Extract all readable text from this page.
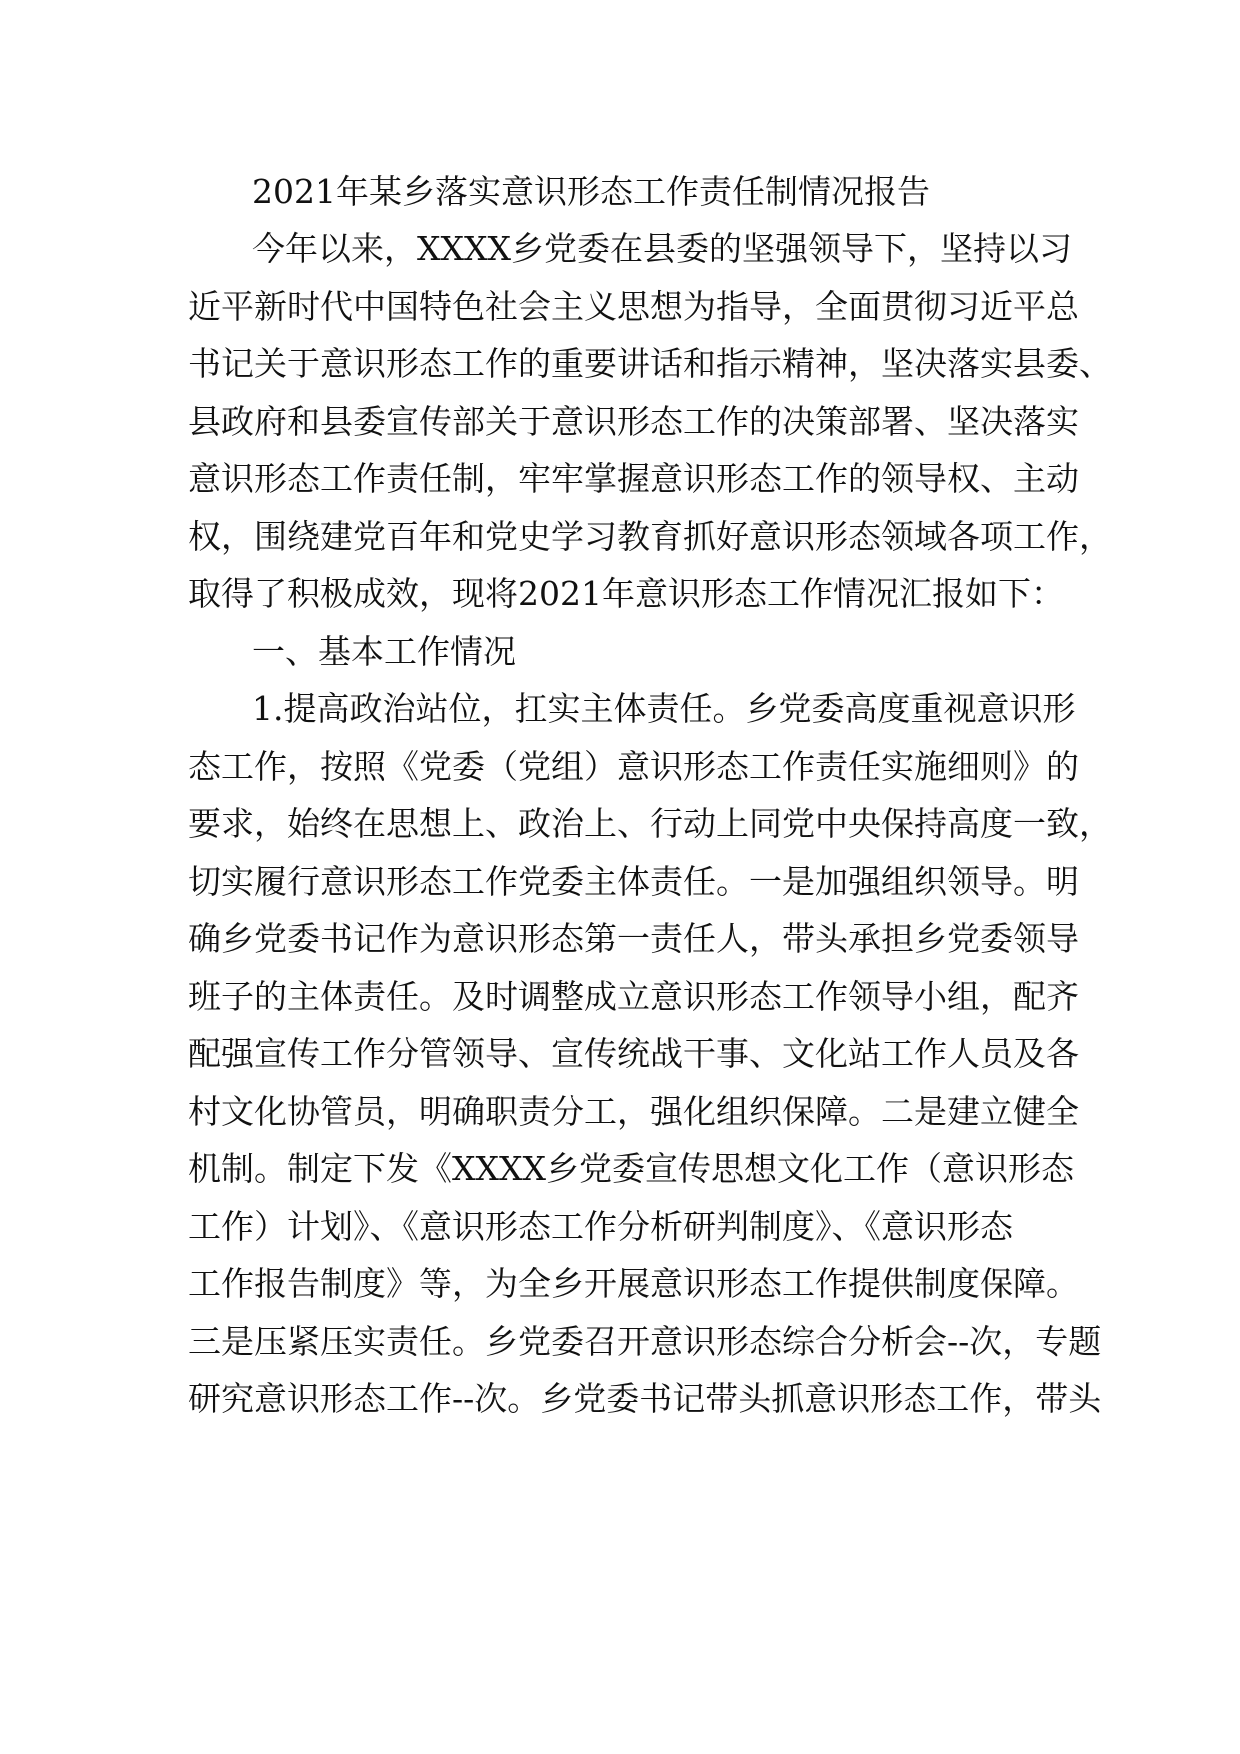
2021年某乡落实意识形态工作责任制情况报告
今年以来，XXXX乡党委在县委的坚强领导下，坚持以习
近平新时代中国特色社会主义思想为指导，全面贯彻习近平总
书记关于意识形态工作的重要讲话和指示精神，坚决落实县委、
县政府和县委宣传部关于意识形态工作的决策部署、坚决落实
意识形态工作责任制，牢牢掌握意识形态工作的领导权、主动
权，围绕建党百年和党史学习教育抓好意识形态领域各项工作，
取得了积极成效，现将2021年意识形态工作情况汇报如下：
一、基本工作情况
1.提高政治站位，扛实主体责任。乡党委高度重视意识形
态工作，按照《党委（党组）意识形态工作责任实施细则》的
要求，始终在思想上、政治上、行动上同党中央保持高度一致，
切实履行意识形态工作党委主体责任。一是加强组织领导。明
确乡党委书记作为意识形态第一责任人，带头承担乡党委领导
班子的主体责任。及时调整成立意识形态工作领导小组，配齐
配强宣传工作分管领导、宣传统战干事、文化站工作人员及各
村文化协管员，明确职责分工，强化组织保障。二是建立健全
机制。制定下发《XXXX乡党委宣传思想文化工作（意识形态
工作）计划》、《意识形态工作分析研判制度》、《意识形态
工作报告制度》等，为全乡开展意识形态工作提供制度保障。
三是压紧压实责任。乡党委召开意识形态综合分析会--次，专题
研究意识形态工作--次。乡党委书记带头抓意识形态工作，带头
